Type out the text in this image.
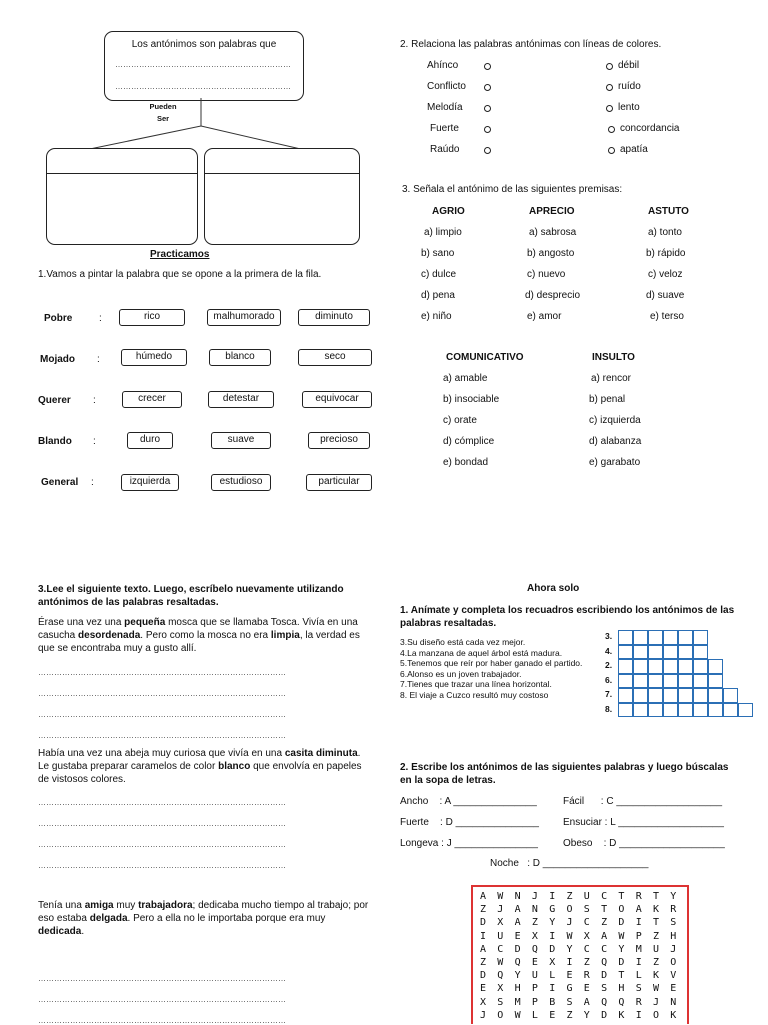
Los antónimos son palabras que
…………………………………………………………
…………………………………………………………
Pueden Ser
Practicamos
1.Vamos a pintar la palabra que se opone a la primera de la fila.
Pobre	:	rico	malhumorado	diminuto
Mojado :	húmedo	blanco	seco
Querer :	crecer	detestar	equivocar
Blando :	duro	suave	precioso
General :	izquierda	estudioso	particular
2. Relaciona las palabras antónimas con líneas de colores.
Ahínco
Conflicto
Melodía
Fuerte
Raúdo
débil
ruído
lento
concordancia
apatía
3. Señala el antónimo de las siguientes premisas:
AGRIO
a) limpio
b) sano
c) dulce
d) pena
e) niño
APRECIO
a) sabrosa
b) angosto
c) nuevo
d) desprecio
e) amor
ASTUTO
a) tonto
b) rápido
c) veloz
d) suave
e) terso
COMUNICATIVO
a) amable
b) insociable
c) orate
d) cómplice
e) bondad
INSULTO
a) rencor
b) penal
c) izquierda
d) alabanza
e) garabato
3.Lee el siguiente texto. Luego, escríbelo nuevamente utilizando antónimos de las palabras resaltadas.
Érase una vez una pequeña mosca que se llamaba Tosca. Vivía en una casucha desordenada. Pero como la mosca no era limpia, la verdad es que se encontraba muy a gusto allí.
…………………………………………………………………………………
…………………………………………………………………………………
…………………………………………………………………………………
…………………………………………………………………………………
Había una vez una abeja muy curiosa que vivía en una casita diminuta. Le gustaba preparar caramelos de color blanco que envolvía en papeles de vistosos colores.
…………………………………………………………………………………
…………………………………………………………………………………
…………………………………………………………………………………
…………………………………………………………………………………
Tenía una amiga muy trabajadora; dedicaba mucho tiempo al trabajo; por eso estaba delgada. Pero a ella no le importaba porque era muy dedicada.
…………………………………………………………………………………
…………………………………………………………………………………
…………………………………………………………………………………
Ahora solo
1. Anímate y completa los recuadros escribiendo los antónimos de las palabras resaltadas.
3.Su diseño está cada vez mejor.
4.La manzana de aquel árbol está madura.
5.Tenemos que reír por haber ganado el partido.
6.Alonso es un joven trabajador.
7.Tienes que trazar una línea horizontal.
8. El viaje a Cuzco resultó muy costoso
3.
4.
2.
6.
7.
8.
2. Escribe los antónimos de las siguientes palabras y luego búscalas en la sopa de letras.
Ancho    : A _______________	Fácil      : C ___________________
Fuerte    : D _______________ Ensuciar : L ___________________
Longeva : J _______________	Obeso    : D ___________________
Noche   : D ___________________
A W N J I Z U C T R T Y
Z J A N G O S T O A K R
D X A Z Y J C Z D I T S
I U E X I W X A W P Z H
A C D Q D Y C C Y M U J
Z W Q E X I Z Q D I Z O
D Q Y U L E R D T L K V
E X H P I G E S H S W E
X S M P B S A Q Q R J N
J O W L E Z Y D K I O K
